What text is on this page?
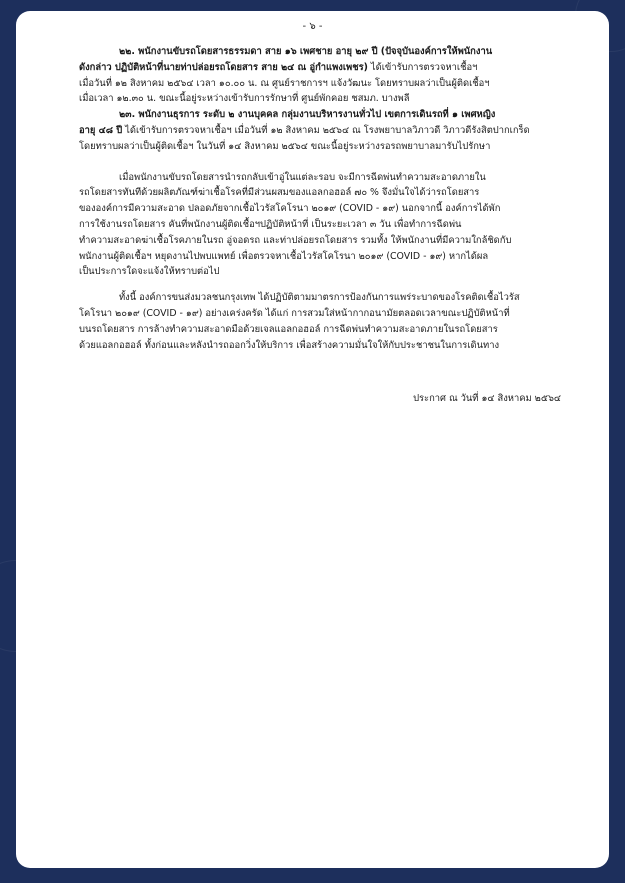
- ๖ -

๒๒. พนักงานขับรถโดยสารธรรมดา สาย ๑๖ เพศชาย อายุ ๒๙ ปี (ปัจจุบันองค์การให้พนักงาน
ดังกล่าว ปฏิบัติหน้าที่นายท่าปล่อยรถโดยสาร สาย ๒๔ ณ อู่กำแพงเพชร) ได้เข้ารับการตรวจหาเชื้อฯ
เมื่อวันที่ ๑๒ สิงหาคม ๒๕๖๔ เวลา ๑๐.๐๐ น. ณ ศูนย์ราชการฯ แจ้งวัฒนะ โดยทราบผลว่าเป็นผู้ติดเชื้อฯ
เมื่อเวลา ๑๒.๓๐ น. ขณะนี้อยู่ระหว่างเข้ารับการรักษาที่ ศูนย์พักคอย ชสมภ. บางพลี

๒๓. พนักงานธุรการ ระดับ ๒ งานบุคคล กลุ่มงานบริหารงานทั่วไป เขตการเดินรถที่ ๑ เพศหญิง
อายุ ๔๘ ปี ได้เข้ารับการตรวจหาเชื้อฯ เมื่อวันที่ ๑๒ สิงหาคม ๒๕๖๔ ณ โรงพยาบาลวิภาวดี วิภาวดีรังสิตปากเกร็ด
โดยทราบผลว่าเป็นผู้ติดเชื้อฯ ในวันที่ ๑๔ สิงหาคม ๒๕๖๔ ขณะนี้อยู่ระหว่างรอรถพยาบาลมารับไปรักษา

เมื่อพนักงานขับรถโดยสารนำรถกลับเข้าอู่ในแต่ละรอบ จะมีการฉีดพ่นทำความสะอาดภายใน
รถโดยสารทันทีด้วยผลิตภัณฑ์ฆ่าเชื้อโรคที่มีส่วนผสมของแอลกอฮอล์ ๗๐ % จึงมั่นใจได้ว่ารถโดยสาร
ขององค์การมีความสะอาด ปลอดภัยจากเชื้อไวรัสโคโรนา ๒๐๑๙ (COVID - ๑๙) นอกจากนี้ องค์การได้พัก
การใช้งานรถโดยสาร คันที่พนักงานผู้ติดเชื้อฯปฏิบัติหน้าที่ เป็นระยะเวลา ๓ วัน เพื่อทำการฉีดพ่น
ทำความสะอาดฆ่าเชื้อโรคภายในรถ อู่จอดรถ และท่าปล่อยรถโดยสาร รวมทั้ง ให้พนักงานที่มีความใกล้ชิดกับ
พนักงานผู้ติดเชื้อฯ หยุดงานไปพบแพทย์ เพื่อตรวจหาเชื้อไวรัสโคโรนา ๒๐๑๙ (COVID - ๑๙) หากได้ผล
เป็นประการใดจะแจ้งให้ทราบต่อไป

ทั้งนี้ องค์การขนส่งมวลชนกรุงเทพ ได้ปฏิบัติตามมาตรการป้องกันการแพร่ระบาดของโรคติดเชื้อไวรัส
โคโรนา ๒๐๑๙ (COVID - ๑๙) อย่างเคร่งครัด ได้แก่ การสวมใส่หน้ากากอนามัยตลอดเวลาขณะปฏิบัติหน้าที่
บนรถโดยสาร การล้างทำความสะอาดมือด้วยเจลแอลกอฮอล์ การฉีดพ่นทำความสะอาดภายในรถโดยสาร
ด้วยแอลกอฮอล์ ทั้งก่อนและหลังนำรถออกวิ่งให้บริการ เพื่อสร้างความมั่นใจให้กับประชาชนในการเดินทาง

ประกาศ ณ วันที่ ๑๔ สิงหาคม ๒๕๖๔
